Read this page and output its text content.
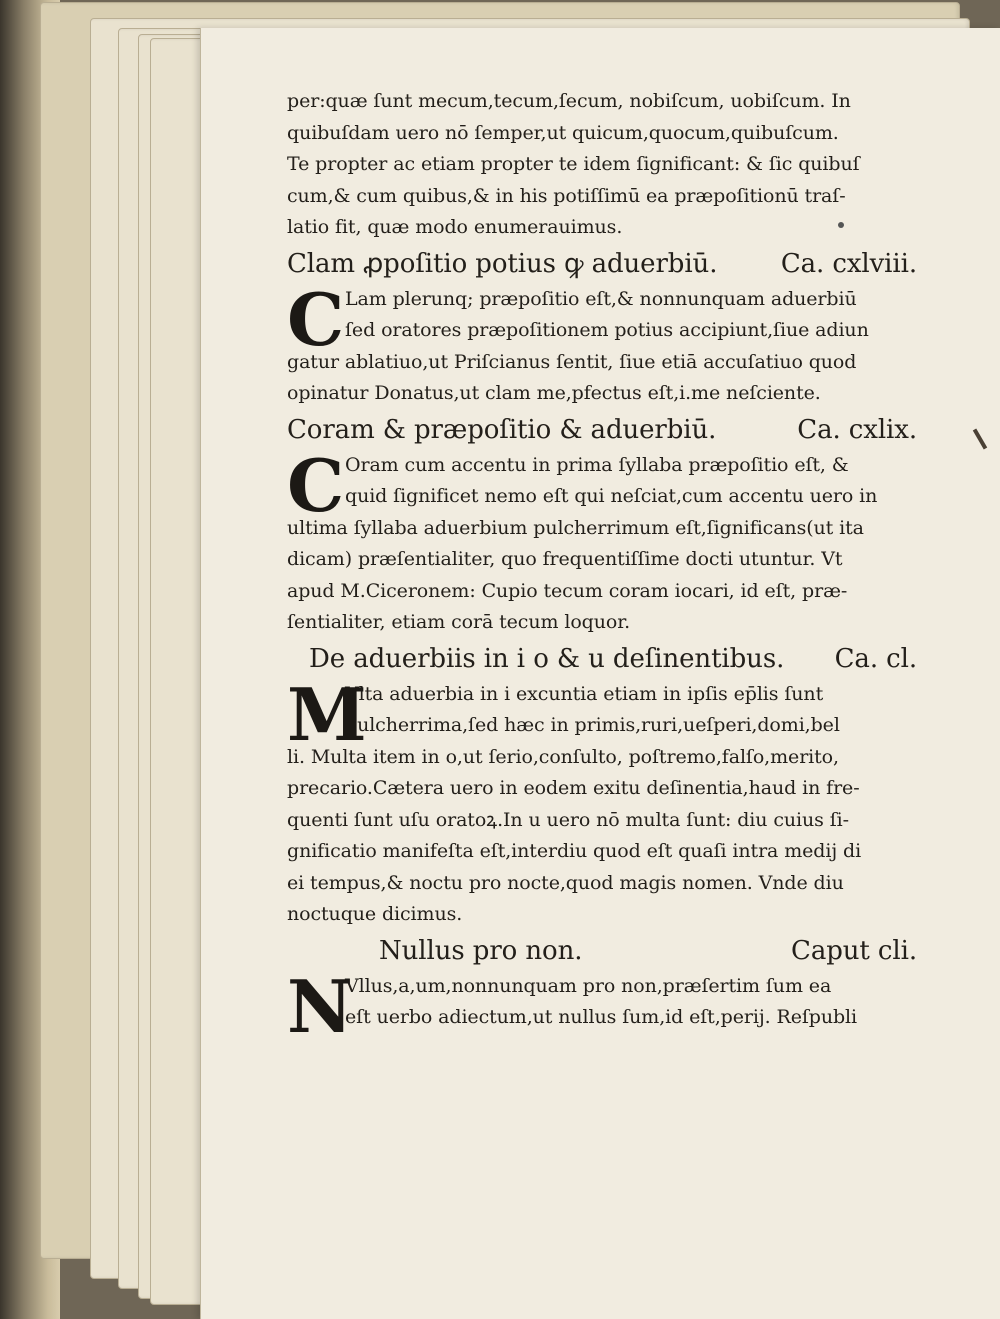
per:quæ ſunt mecum,tecum,ſecum, nobiſcum, uobiſcum. In
quibuſdam uero nō ſemper,ut quicum,quocum,quibuſcum.
Te propter ac etiam propter te idem ſignificant: & ſic quibuſ
cum,& cum quibus,& in his potiſſimū ea præpoſitionū traſ-
latio fit, quæ modo enumerauimus.
Clam ꝓpoſitio potius ꝙ aduerbiū. Ca. cxlviii.
C Lam plerunq; præpoſitio eſt,& nonnunquam aduerbiū
ſed oratores præpoſitionem potius accipiunt,ſiue adiun
gatur ablatiuo,ut Priſcianus ſentit, ſiue etiā accuſatiuo quod
opinatur Donatus,ut clam me,pfectus eſt,i.me neſciente.
Coram & præpoſitio & aduerbiū.	Ca. cxlix.
C Oram cum accentu in prima ſyllaba præpoſitio eſt, &
quid ſignificet nemo eſt qui neſciat,cum accentu uero in
ultima ſyllaba aduerbium pulcherrimum eſt,ſignificans(ut ita
dicam) præſentialiter, quo frequentiſſime docti utuntur. Vt
apud M.Ciceronem: Cupio tecum coram iocari, id eſt, præ-
ſentialiter, etiam corā tecum loquor.
De aduerbiis in i o & u deſinentibus. Ca. cl.
M
Vlta aduerbia in i excuntia etiam in ipſis ep̄lis ſunt
pulcherrima,ſed hæc in primis,ruri,ueſperi,domi,bel
li. Multa item in o,ut ſerio,conſulto, poſtremo,falſo,merito,
precario.Cætera uero in eodem exitu deſinentia,haud in fre-
quenti ſunt uſu oratoꝝ.In u uero nō multa ſunt: diu cuius ſi-
gnificatio manifeſta eſt,interdiu quod eſt quaſi intra medij di
ei tempus,& noctu pro nocte,quod magis nomen. Vnde diu
noctuque dicimus.
Nullus pro non.	Caput cli.
N
Vllus,a,um,nonnunquam pro non,præſertim ſum ea
eſt uerbo adiectum,ut nullus ſum,id eſt,perij. Reſpubli
